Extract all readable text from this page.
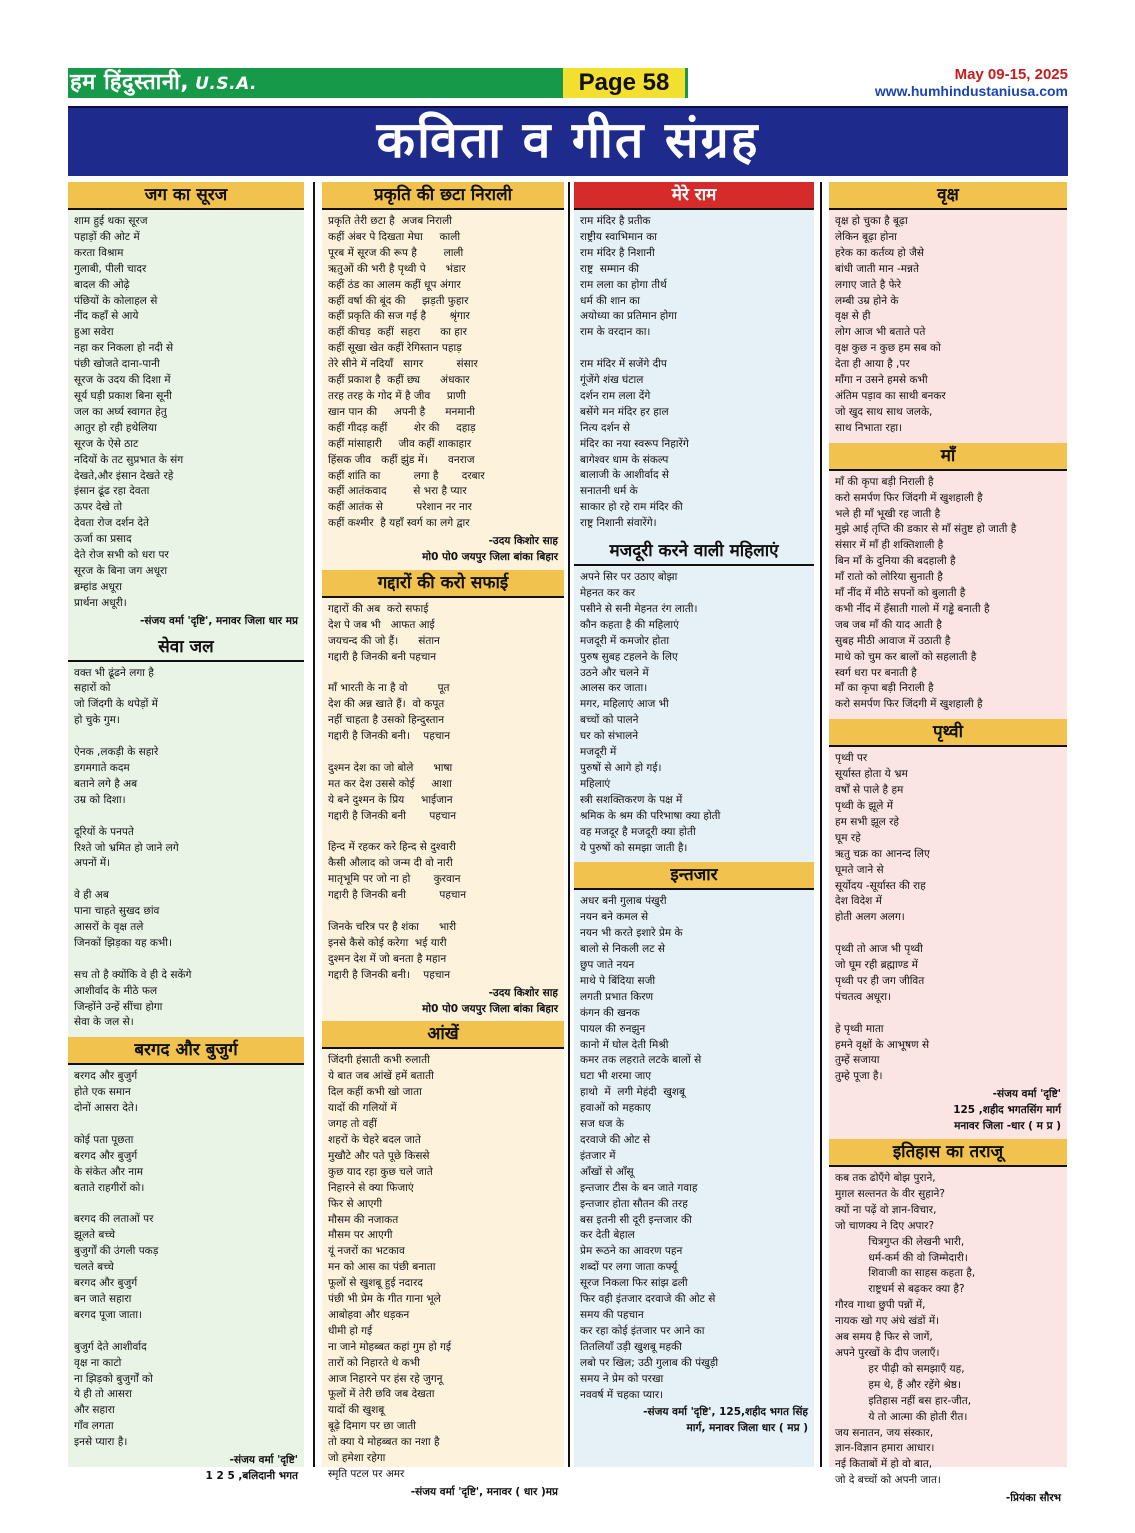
हम हिंदुस्तानी, U.S.A.	Page 58	May 09-15, 2025
www.humhindustaniusa.com
कविता व गीत संग्रह
जग का सूरज
शाम हुई थका सूरज
पहाड़ों की ओट में
करता विश्राम
गुलाबी, पीली चादर
बादल की ओढ़े
पंछियों के कोलाहल से
नींद कहाँ से आये
हुआ सवेरा
नहा कर निकला हो नदी से
पंछी खोजते दाना-पानी
सूरज के उदय की दिशा में
सूर्य घड़ी प्रकाश बिना सूनी
जल का अर्घ्य स्वागत हेतु
आतुर हो रही हथेलिया
सूरज के ऐसे ठाट
नदियों के तट सुप्रभात के संग
देखते,और इंसान देखते रहे
इंसान ढूंढ रहा देवता
ऊपर देखे तो
देवता रोज दर्शन देते
ऊर्जा का प्रसाद
देते रोज सभी को धरा पर
सूरज के बिना जग अधूरा
ब्रम्हांड अधूरा
प्रार्थना अधूरी।
-संजय वर्मा 'दृष्टि', मनावर जिला धार मप्र
सेवा जल
वक्त भी ढूंढने लगा है
सहारों को
जो जिंदगी के थपेड़ों में
हो चुके गुम।
ऐनक ,लकड़ी के सहारे
डगमगाते कदम
बताने लगे है अब
उम्र को दिशा।
दूरियों के पनपते
रिश्ते जो भ्रमित हो जाने लगे
अपनों में।
वे ही अब
पाना चाहते सुखद छांव
आसरों के वृक्ष तले
जिनकों झिड़का यह कभी।
सच तो है क्योंकि वे ही दे सकेंगे
आशीर्वाद के मीठे फल
जिन्होंने उन्हें सींचा होगा
सेवा के जल से।
बरगद और बुजुर्ग
बरगद और बुजुर्ग
होते एक समान
दोनों आसरा देते।
कोई पता पूछता
बरगद और बुजुर्ग
के संकेत और नाम
बताते राहगीरों को।
बरगद की लताओं पर
झूलते बच्चे
बुजुर्गों की उंगली पकड़
चलते बच्चे
बरगद और बुजुर्ग
बन जाते सहारा
बरगद पूजा जाता।
बुजुर्ग देते आशीर्वाद
वृक्ष ना काटो
ना झिड़को बुजुर्गों को
ये ही तो आसरा
और सहारा
गाँव लगता
इनसे प्यारा है।
-संजय वर्मा 'दृष्टि'
1 2 5 ,बलिदानी भगत
प्रकृति की छटा निराली
प्रकृति तेरी छटा है  अजब निराली
कहीं अंबर पे दिखता मेघा     काली
पूरब में सूरज की रूप है        लाली
ऋतुओं की भरी है पृथ्वी पे      भंडार
कहीं ठंड का आलम कहीं धूप अंगार
कहीं वर्षा की बूंद की     झड़ती फुहार
कहीं प्रकृति की सज गई है       श्रृंगार
कहीं कीचड़  कहीं  सहरा      का हार
कहीं सूखा खेत कहीं रेगिस्तान पहाड़
तेरे सीने में नदियाँ   सागर          संसार
कहीं प्रकाश है  कहीं छ्य      अंधकार
तरह तरह के गोद में है जीव     प्राणी
खान पान की     अपनी है      मनमानी
कहीं गीदड़ कहीं        शेर की     दहाड़
कहीं मांसाहारी     जीव कहीं शाकाहार
हिंसक जीव   कहीं झुंड में।      वनराज
कहीं शांति का          लगा है       दरबार
कहीं आतंकवाद        से भरा है प्यार
कहीं आतंक से          परेशान नर नार
कहीं कश्मीर  है यहाँ स्वर्ग का लगे द्वार
-उदय किशोर साह
मो0 पो0 जयपुर जिला बांका बिहार
गद्दारों की करो सफाई
गद्दारों की अब  करो सफाई
देश पे जब भी   आफत आई
जयचन्द की जो हैं।      संतान
गद्दारी है जिनकी बनी पहचान
माँ भारती के ना है वो         पूत
देश की अन्न खाते हैं।  वो कपूत
नहीं चाहता है उसको हिन्दुस्तान
गद्दारी है जिनकी बनी।    पहचान
दुश्मन देश का जो बोले      भाषा
मत कर देश उससे कोई     आशा
ये बने दुश्मन के प्रिय     भाईजान
गद्दारी है जिनकी बनी       पहचान
हिन्द में रहकर करे हिन्द से दुश्वारी
कैसी औलाद को जन्म दी वो नारी
मातृभूमि पर जो ना हो       कुरवान
गद्दारी है जिनकी बनी          पहचान
जिनके चरित्र पर है शंका      भारी
इनसे कैसे कोई करेगा  भई यारी
दुश्मन देश में जो बनता है महान
गद्दारी है जिनकी बनी।    पहचान
-उदय किशोर साह
मो0 पो0 जयपुर जिला बांका बिहार
आंखें
जिंदगी हंसाती कभी रुलाती
ये बात जब आंखें हमें बताती
दिल कहीं कभी खो जाता
यादों की गलियों में
जगह तो वहीं
शहरों के चेहरे बदल जाते
मुखौटे और पते पूछे किससे
कुछ याद रहा कुछ चले जाते
निहारने से क्या फिजाएं
फिर से आएगी
मौसम की नजाकत
मौसम पर आएगी
यूं नजरों का भटकाव
मन को आस का पंछी बनाता
फूलों से खुशबू हुई नदारद
पंछी भी प्रेम के गीत गाना भूले
आबोहवा और धड़कन
धीमी हो गई
ना जाने मोहब्बत कहां गुम हो गई
तारों को निहारते थे कभी
आज निहारने पर हंस रहे जुगनू
फूलों में तेरी छवि जब देखता
यादों की खुशबू
बूढ़े दिमाग पर छा जाती
तो क्या ये मोहब्बत का नशा है
जो हमेशा रहेगा
स्मृति पटल पर अमर
-संजय वर्मा 'दृष्टि', मनावर ( धार )मप्र
मेरे राम
राम मंदिर है प्रतीक
राष्ट्रीय स्वाभिमान का
राम मंदिर है निशानी
राष्ट्र  सम्मान की
राम लला का होगा तीर्थ
धर्म की शान का
अयोध्या का प्रतिमान होगा
राम के वरदान का।
राम मंदिर में सजेंगे दीप
गूंजेंगे शंख घंटाल
दर्शन राम लला देंगे
बसेंगे मन मंदिर हर हाल
नित्य दर्शन से
मंदिर का नया स्वरूप निहारेंगे
बागेश्वर धाम के संकल्प
बालाजी के आशीर्वाद से
सनातनी धर्म के
साकार हो रहे राम मंदिर की
राष्ट्र निशानी संवारेंगे।
मजदूरी करने वाली महिलाएं
अपने सिर पर उठाए बोझा
मेहनत कर कर
पसीने से सनी मेहनत रंग लाती।
कौन कहता है की महिलाएं
मजदूरी में कमजोर होता
पुरुष सुबह टहलने के लिए
उठने और चलने में
आलस कर जाता।
मगर, महिलाएं आज भी
बच्चों को पालने
घर को संभालने
मजदूरी में
पुरुषों से आगे हो गई।
महिलाएं
स्त्री सशक्तिकरण के पक्ष में
श्रमिक के श्रम की परिभाषा क्या होती
वह मजदूर है मजदूरी क्या होती
ये पुरुषों को समझा जाती है।
इन्तजार
अधर बनी गुलाब पंखुरी
नयन बने कमल से
नयन भी करते इशारे प्रेम के
बालो से निकली लट से
छुप जाते नयन
माथे पे बिंदिया सजी
लगती प्रभात किरण
कंगन की खनक
पायल की रुनझुन
कानो में घोल देती मिश्री
कमर तक लहराते लटके बालों से
घटा भी शरमा जाए
हाथो  में  लगी मेहंदी  खुशबू
हवाओं को महकाए
सज धज के
दरवाजे की ओट से
इंतजार में
आँखों से आँसू
इन्तजार टीस के बन जाते गवाह
इन्तजार होता सौतन की तरह
बस इतनी सी दूरी इन्तजार की
कर देती बेहाल
प्रेम रूठने का आवरण पहन
शब्दों पर लगा जाता कर्फ्यू
सूरज निकला फिर सांझ ढली
फिर वही इंतजार दरवाजे की ओट से
समय की पहचान
कर रहा कोई इंतजार पर आने का
तितलियाँ उड़ी खुशबू महकी
लबो पर खिल; उठी गुलाब की पंखुड़ी
समय ने प्रेम को परखा
नववर्ष में चहका प्यार।
-संजय वर्मा 'दृष्टि', 125,शहीद भगत सिंह
मार्ग, मनावर जिला धार ( मप्र )
वृक्ष
वृक्ष हो चुका है बूढ़ा
लेकिन बूढ़ा होना
हरेक का कर्तव्य हो जैसे
बांधी जाती मान -मन्नते
लगाए जाते है फेरे
लम्बी उम्र होने के
वृक्ष से ही
लोग आज भी बताते पते
वृक्ष कुछ न कुछ हम सब को
देता ही आया है ,पर
माँगा न उसने हमसे कभी
अंतिम पड़ाव का साथी बनकर
जो खुद साथ साथ जलके,
साथ निभाता रहा।
माँ
माँ की कृपा बड़ी निराली है
करो समर्पण फिर जिंदगी में खुशहाली है
भले ही माँ भूखी रह जाती है
मुझे आई तृप्ति की डकार से माँ संतुष्ट हो जाती है
संसार में माँ ही शक्तिशाली है
बिन माँ के दुनिया की बदहाली है
माँ रातो को लोरिया सुनाती है
माँ नींद में मीठे सपनों को बुलाती है
कभी नींद में हँसाती गालो में गड्ढे बनाती है
जब जब माँ की याद आती है
सुबह मीठी आवाज में उठाती है
माथे को चुम कर बालों को सहलाती है
स्वर्ग धरा पर बनाती है
माँ का कृपा बड़ी निराली है
करो समर्पण फिर जिंदगी में खुशहाली है
पृथ्वी
पृथ्वी पर
सूर्यास्त होता ये भ्रम
वर्षों से पाले है हम
पृथ्वी के झूले में
हम सभी झूल रहे
घूम रहे
ऋतु चक्र का आनन्द लिए
घूमते जाने से
सूर्योदय -सूर्यास्त की राह
देश विदेश में
होती अलग अलग।
पृथ्वी तो आज भी पृथ्वी
जो घूम रही ब्रह्माण्ड में
पृथ्वी पर ही जग जीवित
पंचतत्व अधूरा।
हे पृथ्वी माता
हमने वृक्षों के आभूषण से
तुम्हें सजाया
तुम्हे पूजा है।
-संजय वर्मा 'दृष्टि'
125 ,शहीद भगतसिंग मार्ग
मनावर जिला -धार ( म प्र )
इतिहास का तराजू
कब तक ढोएँगे बोझ पुराने,
मुग़ल सल्तनत के वीर सुहाने?
क्यों ना पढ़ें वो ज्ञान-विचार,
जो चाणक्य ने दिए अपार?
चित्रगुप्त की लेखनी भारी,
धर्म-कर्म की वो जिम्मेदारी।
शिवाजी का साहस कहता है,
राष्ट्रधर्म से बढ़कर क्या है?
गौरव गाथा छुपी पन्नों में,
नायक खो गए अंधे खंडों में।
अब समय है फिर से जागें,
अपने पुरखों के दीप जलाएँ।
हर पीढ़ी को समझाएँ यह,
हम थे, हैं और रहेंगे श्रेष्ठ।
इतिहास नहीं बस हार-जीत,
ये तो आत्मा की होती रीत।
जय सनातन, जय संस्कार,
ज्ञान-विज्ञान हमारा आधार।
नई किताबों में हो वो बात,
जो दे बच्चों को अपनी जात।
-प्रियंका सौरभ
